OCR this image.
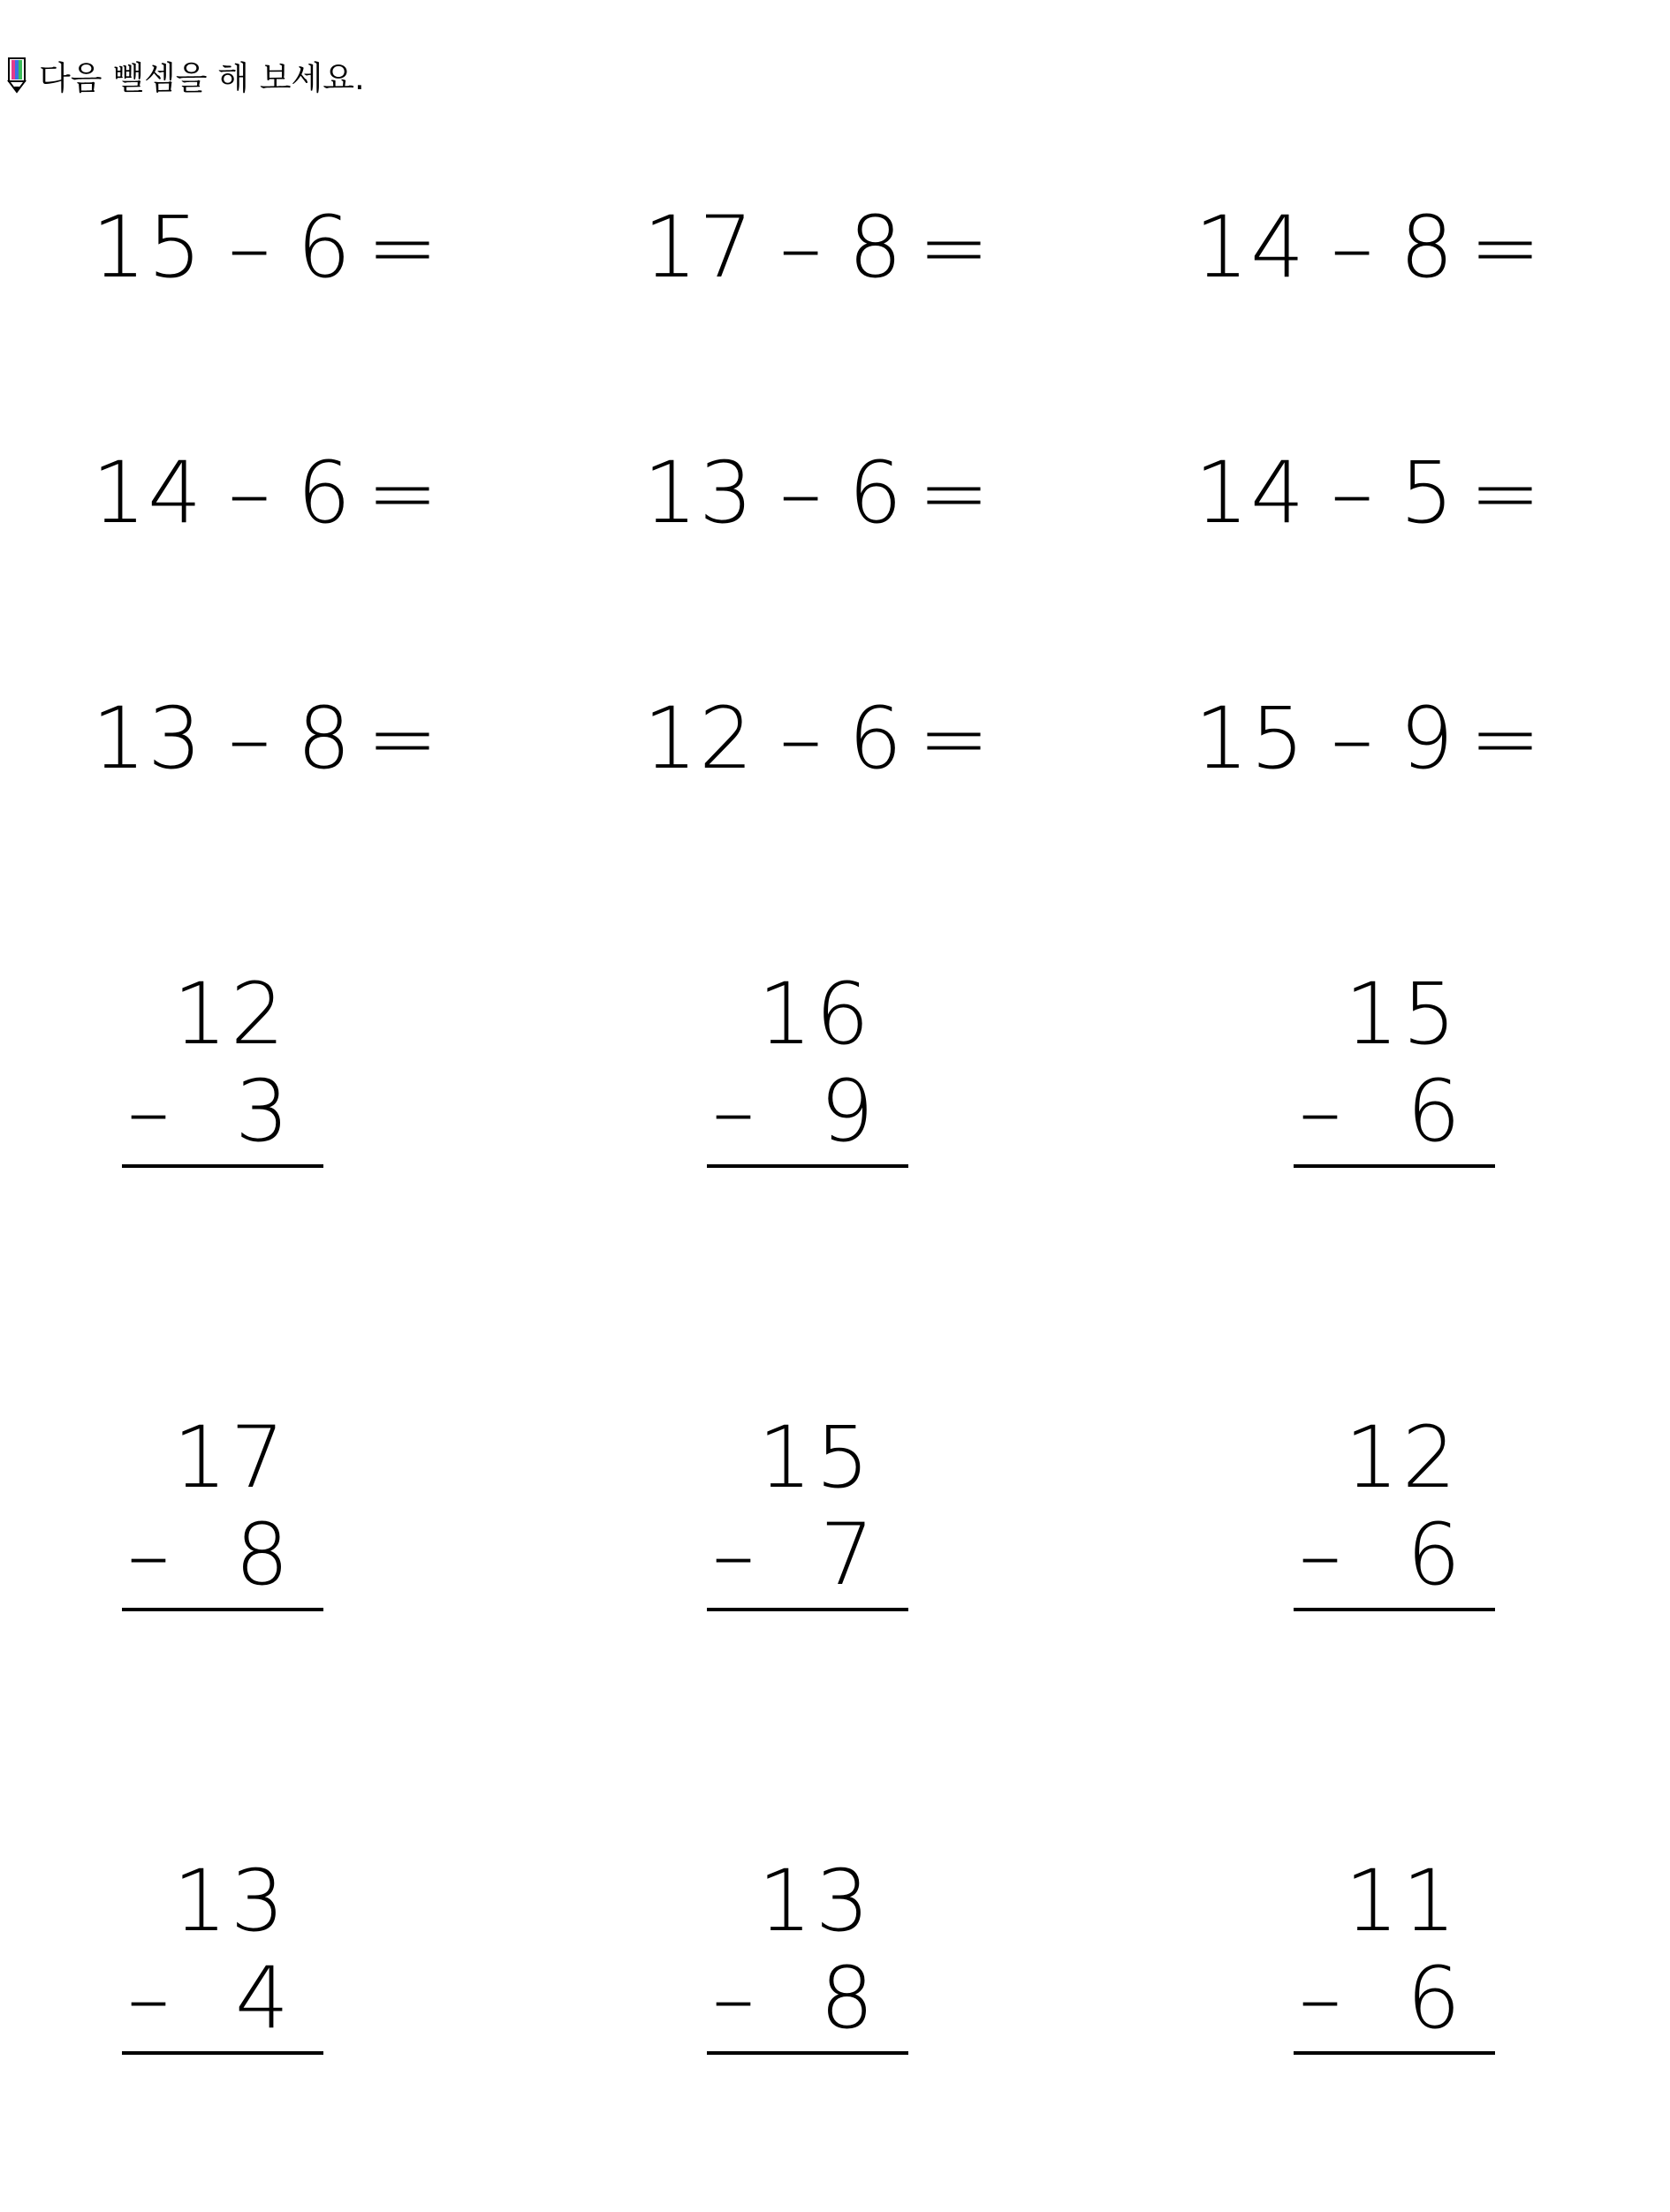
다음 뺄셈을 해 보세요.
15 – 6 = 17 – 8 = 14 – 8 =
14 – 6 = 13 – 6 = 14 – 5 =
13 – 8 = 12 – 6 = 15 – 9 =
12
– 3
16
– 9
15
– 6
17
– 8
15
– 7
12
– 6
13
– 4
13
– 8
11
– 6
